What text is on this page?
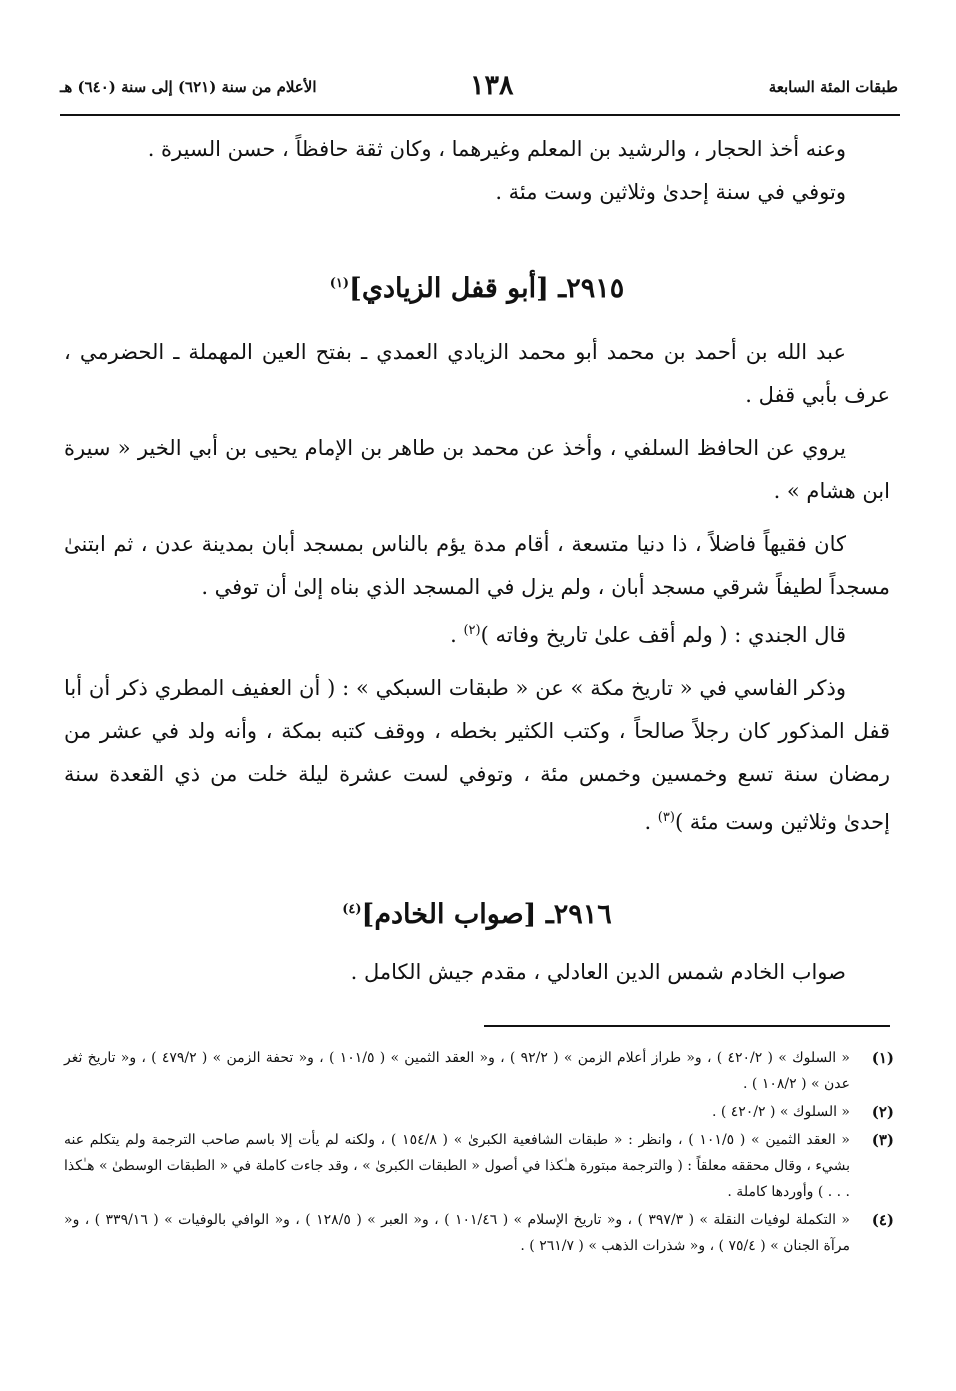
طبقات المئة السابعة
١٣٨
الأعلام من سنة (٦٢١) إلى سنة (٦٤٠) هـ

وعنه أخذ الحجار ، والرشيد بن المعلم وغيرهما ، وكان ثقة حافظاً ، حسن السيرة .

وتوفي في سنة إحدىٰ وثلاثين وست مئة .

٢٩١٥ـ [أبو قفل الزيادي]$^{(١)}$

عبد الله بن أحمد بن محمد أبو محمد الزيادي العمدي ـ بفتح العين المهملة ـ الحضرمي ، عرف بأبي قفل .

يروي عن الحافظ السلفي ، وأخذ عن محمد بن طاهر بن الإمام يحيى بن أبي الخير « سيرة ابن هشام » .

كان فقيهاً فاضلاً ، ذا دنيا متسعة ، أقام مدة يؤم بالناس بمسجد أبان بمدينة عدن ، ثم ابتنىٰ مسجداً لطيفاً شرقي مسجد أبان ، ولم يزل في المسجد الذي بناه إلىٰ أن توفي .

قال الجندي : ( ولم أقف علىٰ تاريخ وفاته )$^{(٢)}$ .

وذكر الفاسي في « تاريخ مكة » عن « طبقات السبكي » : ( أن العفيف المطري ذكر أن أبا قفل المذكور كان رجلاً صالحاً ، وكتب الكثير بخطه ، ووقف كتبه بمكة ، وأنه ولد في عشر من رمضان سنة تسع وخمسين وخمس مئة ، وتوفي لست عشرة ليلة خلت من ذي القعدة سنة إحدىٰ وثلاثين وست مئة )$^{(٣)}$ .

٢٩١٦ـ [صواب الخادم]$^{(٤)}$

صواب الخادم شمس الدين العادلي ، مقدم جيش الكامل .

(١)
« السلوك » ( ٤٢٠/٢ ) ، و« طراز أعلام الزمن » ( ٩٢/٢ ) ، و« العقد الثمين » ( ١٠١/٥ ) ، و« تحفة الزمن » ( ٤٧٩/٢ ) ، و« تاريخ ثغر عدن » ( ١٠٨/٢ ) .

(٢)
« السلوك » ( ٤٢٠/٢ ) .

(٣)
« العقد الثمين » ( ١٠١/٥ ) ، وانظر : « طبقات الشافعية الكبرىٰ » ( ١٥٤/٨ ) ، ولكنه لم يأت إلا باسم صاحب الترجمة ولم يتكلم عنه بشيء ، وقال محققه معلقاً : ( والترجمة مبتورة هـٰكذا في أصول « الطبقات الكبرىٰ » ، وقد جاءت كاملة في « الطبقات الوسطىٰ » هـٰكذا . . . ) وأوردها كاملة .

(٤)
« التكملة لوفيات النقلة » ( ٣٩٧/٣ ) ، و« تاريخ الإسلام » ( ١٠١/٤٦ ) ، و« العبر » ( ١٢٨/٥ ) ، و« الوافي بالوفيات » ( ٣٣٩/١٦ ) ، و« مرآة الجنان » ( ٧٥/٤ ) ، و« شذرات الذهب » ( ٢٦١/٧ ) .
